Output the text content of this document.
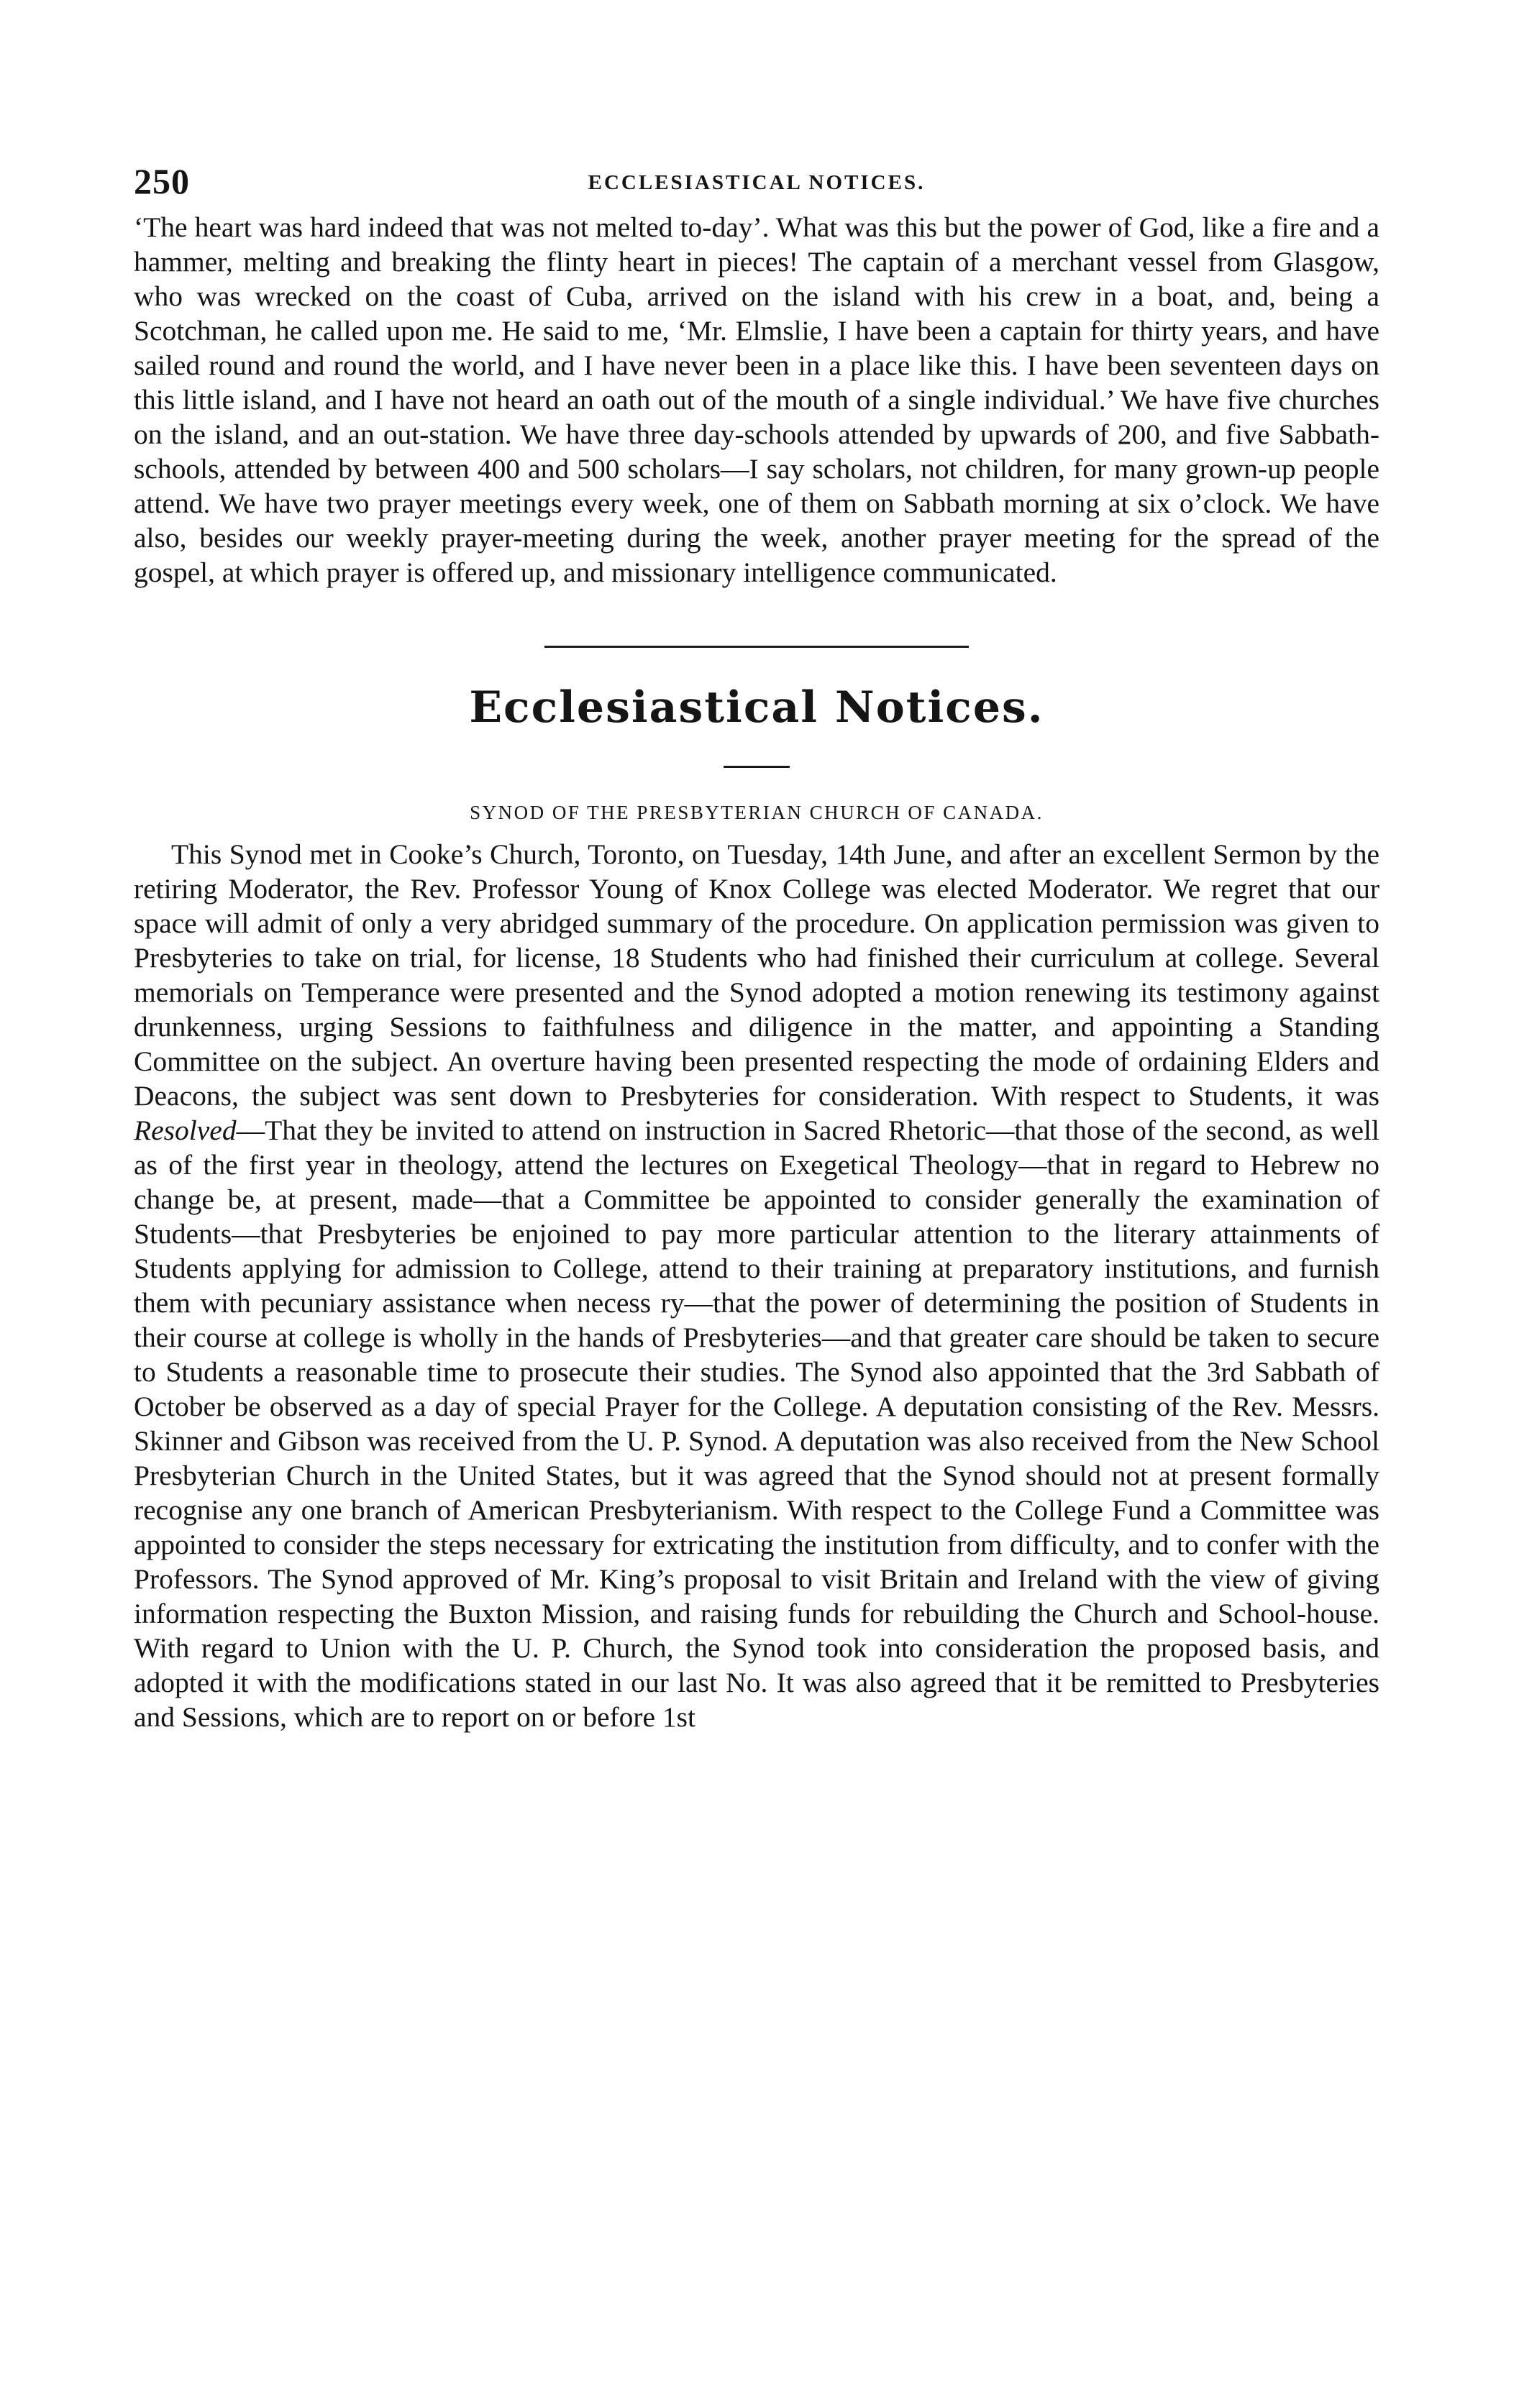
250	ECCLESIASTICAL NOTICES.

‘The heart was hard indeed that was not melted to-day’. What was this but the power of God, like a fire and a hammer, melting and breaking the flinty heart in pieces! The captain of a merchant vessel from Glasgow, who was wrecked on the coast of Cuba, arrived on the island with his crew in a boat, and, being a Scotchman, he called upon me. He said to me, ‘Mr. Elmslie, I have been a captain for thirty years, and have sailed round and round the world, and I have never been in a place like this. I have been seventeen days on this little island, and I have not heard an oath out of the mouth of a single individual.’ We have five churches on the island, and an out-station. We have three day-schools attended by upwards of 200, and five Sabbath-schools, attended by between 400 and 500 scholars—I say scholars, not children, for many grown-up people attend. We have two prayer meetings every week, one of them on Sabbath morning at six o’clock. We have also, besides our weekly prayer-meeting during the week, another prayer meeting for the spread of the gospel, at which prayer is offered up, and missionary intelligence communicated.

Ecclesiastical Notices.
SYNOD OF THE PRESBYTERIAN CHURCH OF CANADA.

This Synod met in Cooke’s Church, Toronto, on Tuesday, 14th June, and after an excellent Sermon by the retiring Moderator, the Rev. Professor Young of Knox College was elected Moderator. We regret that our space will admit of only a very abridged summary of the procedure. On application permission was given to Presbyteries to take on trial, for license, 18 Students who had finished their curriculum at college. Several memorials on Temperance were presented and the Synod adopted a motion renewing its testimony against drunkenness, urging Sessions to faithfulness and diligence in the matter, and appointing a Standing Committee on the subject. An overture having been presented respecting the mode of ordaining Elders and Deacons, the subject was sent down to Presbyteries for consideration. With respect to Students, it was Resolved—That they be invited to attend on instruction in Sacred Rhetoric—that those of the second, as well as of the first year in theology, attend the lectures on Exegetical Theology—that in regard to Hebrew no change be, at present, made—that a Committee be appointed to consider generally the examination of Students—that Presbyteries be enjoined to pay more particular attention to the literary attainments of Students applying for admission to College, attend to their training at preparatory institutions, and furnish them with pecuniary assistance when necess ry—that the power of determining the position of Students in their course at college is wholly in the hands of Presbyteries—and that greater care should be taken to secure to Students a reasonable time to prosecute their studies. The Synod also appointed that the 3rd Sabbath of October be observed as a day of special Prayer for the College. A deputation consisting of the Rev. Messrs. Skinner and Gibson was received from the U. P. Synod. A deputation was also received from the New School Presbyterian Church in the United States, but it was agreed that the Synod should not at present formally recognise any one branch of American Presbyterianism. With respect to the College Fund a Committee was appointed to consider the steps necessary for extricating the institution from difficulty, and to confer with the Professors. The Synod approved of Mr. King’s proposal to visit Britain and Ireland with the view of giving information respecting the Buxton Mission, and raising funds for rebuilding the Church and School-house. With regard to Union with the U. P. Church, the Synod took into consideration the proposed basis, and adopted it with the modifications stated in our last No. It was also agreed that it be remitted to Presbyteries and Sessions, which are to report on or before 1st
